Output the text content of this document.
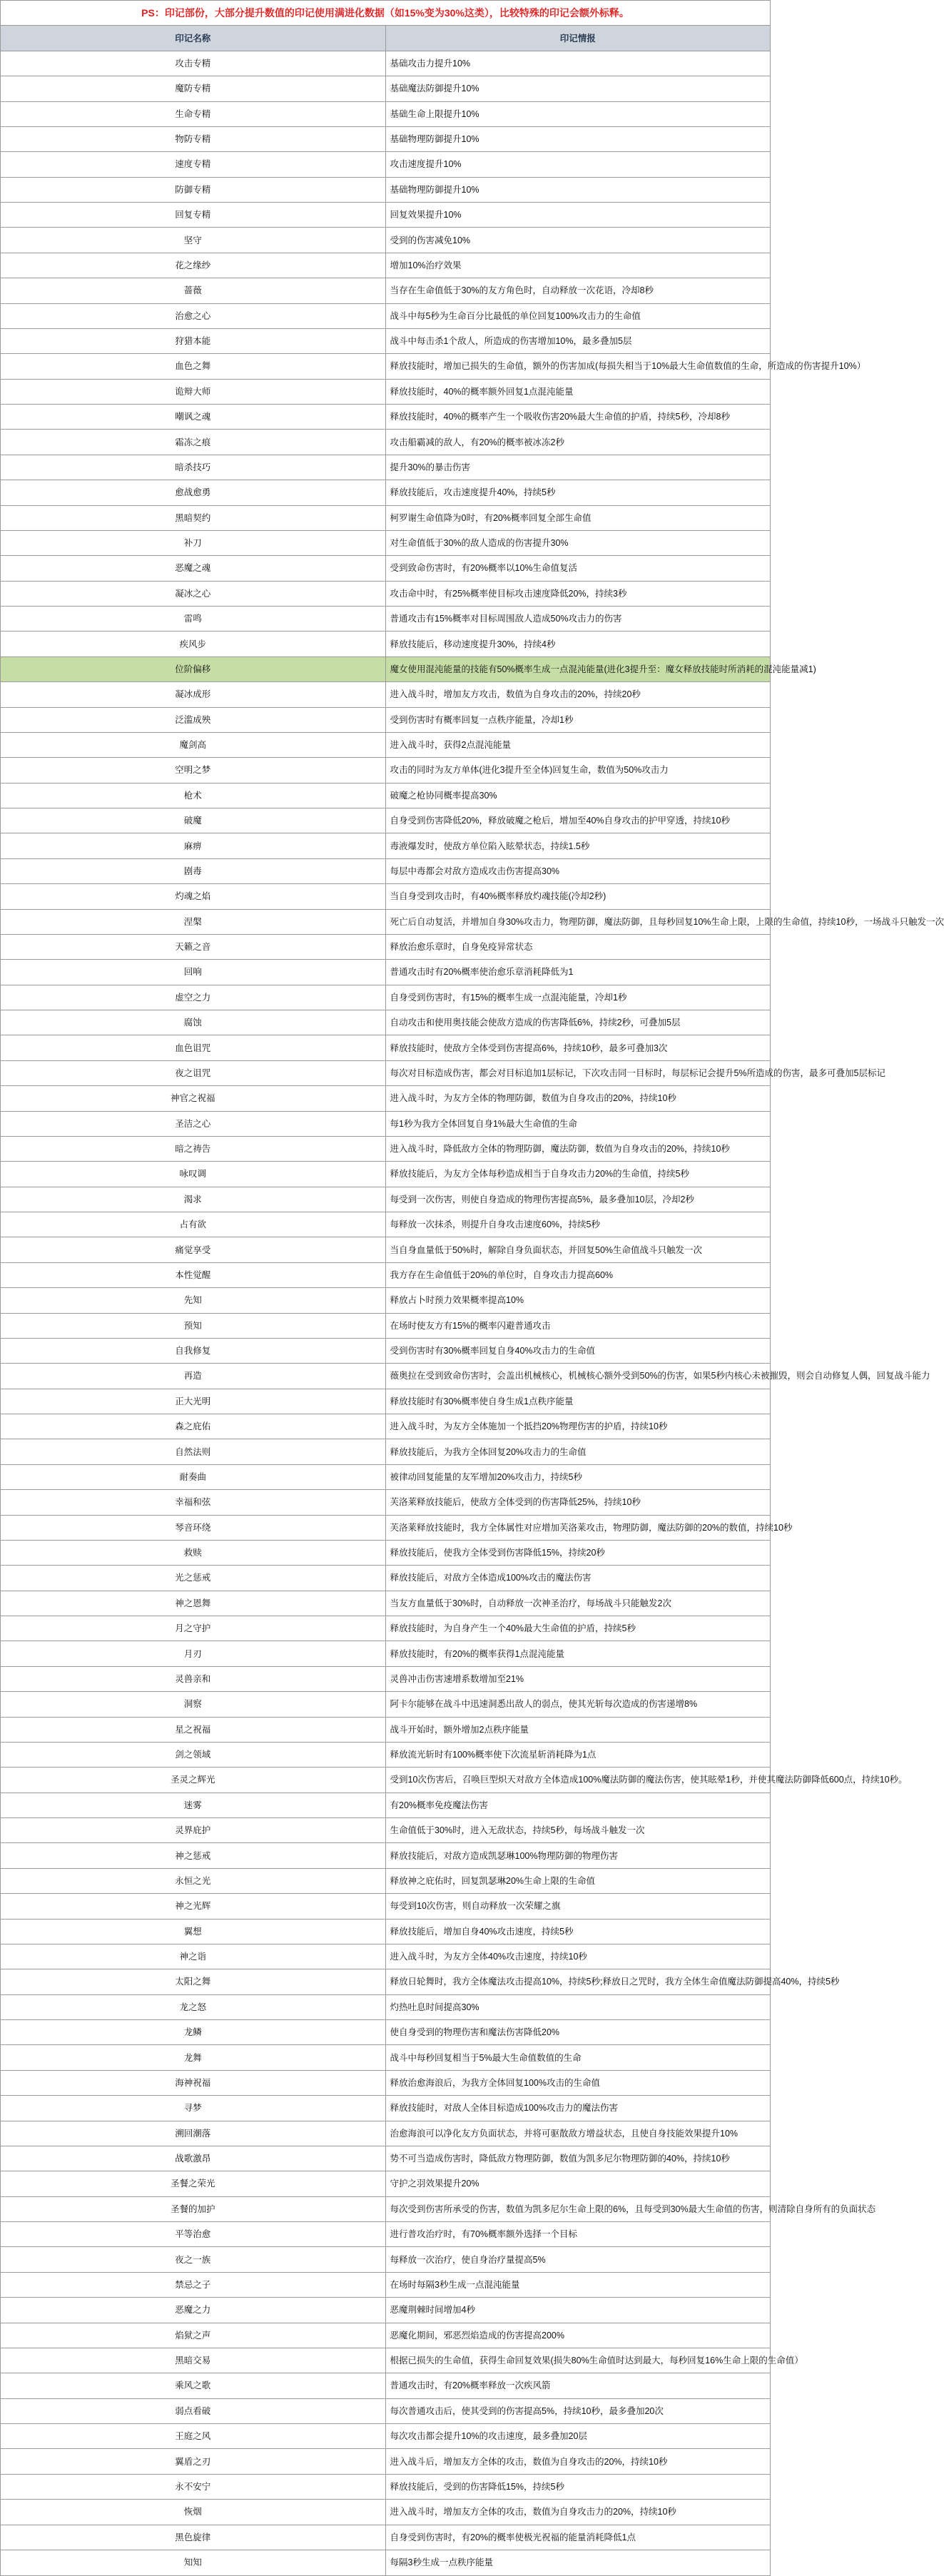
PS：印记部份，大部分提升数值的印记使用满进化数据（如15%变为30%这类），比较特殊的印记会额外标释。	
印记名称	印记情报
攻击专精	基础攻击力提升10%
魔防专精	基础魔法防御提升10%
生命专精	基础生命上限提升10%
物防专精	基础物理防御提升10%
速度专精	攻击速度提升10%
防御专精	基础物理防御提升10%
回复专精	回复效果提升10%
坚守	受到的伤害减免10%
花之缘纱	增加10%治疗效果
蔷薇	当存在生命值低于30%的友方角色时，自动释放一次花语，冷却8秒
治愈之心	战斗中每5秒为生命百分比最低的单位回复100%攻击力的生命值
狩猎本能	战斗中每击杀1个敌人，所造成的伤害增加10%，最多叠加5层
血色之舞	释放技能时，增加已损失的生命值，额外的伤害加成(每损失相当于10%最大生命值数值的生命，所造成的伤害提升10%）
诡辩大师	释放技能时，40%的概率额外回复1点混沌能量
嘲讽之魂	释放技能时，40%的概率产生一个吸收伤害20%最大生命值的护盾，持续5秒，冷却8秒
霜冻之痕	攻击船霸减的敌人，有20%的概率被冰冻2秒
暗杀技巧	提升30%的暴击伤害
愈战愈勇	释放技能后，攻击速度提升40%，持续5秒
黑暗契约	柯罗谢生命值降为0时，有20%概率回复全部生命值
补刀	对生命值低于30%的敌人造成的伤害提升30%
恶魔之魂	受到致命伤害时，有20%概率以10%生命值复活
凝冰之心	攻击命中时，有25%概率使目标攻击速度降低20%，持续3秒
雷鸣	普通攻击有15%概率对目标周围敌人造成50%攻击力的伤害
疾风步	释放技能后，移动速度提升30%，持续4秒
位阶偏移	魔女使用混沌能量的技能有50%概率生成一点混沌能量(进化3提升至：魔女释放技能时所消耗的混沌能量减1)
凝冰成形	进入战斗时，增加友方攻击，数值为自身攻击的20%，持续20秒
泛滥成殃	受到伤害时有概率回复一点秩序能量，冷却1秒
魔剑高	进入战斗时，获得2点混沌能量
空明之梦	攻击的同时为友方单体(进化3提升至全体)回复生命，数值为50%攻击力
枪术	破魔之枪协同概率提高30%
破魔	自身受到伤害降低20%，释放破魔之枪后，增加至40%自身攻击的护甲穿透，持续10秒
麻痹	毒液爆发时，使敌方单位陷入眩晕状态，持续1.5秒
剧毒	每层中毒都会对敌方造成攻击伤害提高30%
灼魂之焰	当自身受到攻击时，有40%概率释放灼魂技能(冷却2秒)
涅槃	死亡后自动复活，并增加自身30%攻击力，物理防御，魔法防御，且每秒回复10%生命上限，上限的生命值，持续10秒，一场战斗只触发一次
天籁之音	释放治愈乐章时，自身免疫异常状态
回响	普通攻击时有20%概率使治愈乐章消耗降低为1
虚空之力	自身受到伤害时，有15%的概率生成一点混沌能量，冷却1秒
腐蚀	自动攻击和使用奥技能会使敌方造成的伤害降低6%，持续2秒，可叠加5层
血色诅咒	释放技能时，使敌方全体受到伤害提高6%，持续10秒，最多可叠加3次
夜之诅咒	每次对目标造成伤害，都会对目标追加1层标记，下次攻击同一目标时，每层标记会提升5%所造成的伤害，最多可叠加5层标记
神官之祝福	进入战斗时，为友方全体的物理防御，数值为自身攻击的20%，持续10秒
圣洁之心	每1秒为我方全体回复自身1%最大生命值的生命
暗之祷告	进入战斗时，降低敌方全体的物理防御，魔法防御，数值为自身攻击的20%，持续10秒
咏叹调	释放技能后，为友方全体每秒造成相当于自身攻击力20%的生命值，持续5秒
渴求	每受到一次伤害，则使自身造成的物理伤害提高5%，最多叠加10层，冷却2秒
占有欲	每释放一次抹杀，则提升自身攻击速度60%，持续5秒
痛觉享受	当自身血量低于50%时，解除自身负面状态，并回复50%生命值战斗只触发一次
本性觉醒	我方存在生命值低于20%的单位时，自身攻击力提高60%
先知	释放占卜时预力效果概率提高10%
预知	在场时使友方有15%的概率闪避普通攻击
自我修复	受到伤害时有30%概率回复自身40%攻击力的生命值
再造	薇奥拉在受到致命伤害时，会盖出机械核心，机械核心额外受到50%的伤害，如果5秒内核心未被摧毁，则会自动修复人偶，回复战斗能力
正大光明	释放技能时有30%概率使自身生成1点秩序能量
森之庇佑	进入战斗时，为友方全体施加一个抵挡20%物理伤害的护盾，持续10秒
自然法则	释放技能后，为我方全体回复20%攻击力的生命值
耐奏曲	被律动回复能量的友军增加20%攻击力，持续5秒
幸福和弦	芙洛莱释放技能后，使敌方全体受到的伤害降低25%，持续10秒
琴音环绕	芙洛莱释放技能时，我方全体属性对应增加芙洛莱攻击，物理防御，魔法防御的20%的数值，持续10秒
救赎	释放技能后，使我方全体受到伤害降低15%，持续20秒
光之惩戒	释放技能后，对敌方全体造成100%攻击的魔法伤害
神之恩舞	当友方血量低于30%时，自动释放一次神圣治疗，每场战斗只能触发2次
月之守护	释放技能时，为自身产生一个40%最大生命值的护盾，持续5秒
月刃	释放技能时，有20%的概率获得1点混沌能量
灵兽亲和	灵兽冲击伤害速增系数增加至21%
洞察	阿卡尔能够在战斗中迅速洞悉出敌人的弱点，使其光斩每次造成的伤害递增8%
星之祝福	战斗开始时，额外增加2点秩序能量
剑之领域	释放流光斩时有100%概率使下次流星斩消耗降为1点
圣灵之辉光	受到10次伤害后，召唤巨型炽天对敌方全体造成100%魔法防御的魔法伤害，使其眩晕1秒，并使其魔法防御降低600点，持续10秒。
迷雾	有20%概率免疫魔法伤害
灵界庇护	生命值低于30%时，进入无敌状态，持续5秒，每场战斗触发一次
神之惩戒	释放技能后，对敌方造成凯瑟琳100%物理防御的物理伤害
永恒之光	释放神之庇佑时，回复凯瑟琳20%生命上限的生命值
神之光辉	每受到10次伤害，则自动释放一次荣耀之旗
翼想	释放技能后，增加自身40%攻击速度，持续5秒
神之诣	进入战斗时，为友方全体40%攻击速度，持续10秒
太阳之舞	释放日轮舞时，我方全体魔法攻击提高10%，持续5秒;释放日之咒时，我方全体生命值魔法防御提高40%，持续5秒
龙之怒	灼热吐息时间提高30%
龙鳞	使自身受到的物理伤害和魔法伤害降低20%
龙舞	战斗中每秒回复相当于5%最大生命值数值的生命
海神祝福	释放治愈海浪后，为我方全体回复100%攻击的生命值
寻梦	释放技能时，对敌人全体目标造成100%攻击力的魔法伤害
溯回潮落	治愈海浪可以净化友方负面状态，并将可驱散敌方增益状态，且使自身技能效果提升10%
战歌激昂	势不可当造成伤害时，降低敌方物理防御，数值为凯多尼尔物理防御的40%，持续10秒
圣餐之荣光	守护之羽效果提升20%
圣餐的加护	每次受到伤害所承受的伤害，数值为凯多尼尔生命上限的6%，且每受到30%最大生命值的伤害，则清除自身所有的负面状态
平等治愈	进行普攻治疗时，有70%概率额外选择一个目标
夜之一族	每释放一次治疗，使自身治疗量提高5%
禁忌之子	在场时每隔3秒生成一点混沌能量
恶魔之力	恶魔荆棘时间增加4秒
焰狱之声	恶魔化期间，邪恶烈焰造成的伤害提高200%
黑暗交易	根据已损失的生命值，获得生命回复效果(损失80%生命值时达到最大，每秒回复16%生命上限的生命值）
乘风之歌	普通攻击时，有20%概率释放一次疾风箭
弱点看破	每次普通攻击后，使其受到的伤害提高5%，持续10秒，最多叠加20次
王庭之风	每次攻击都会提升10%的攻击速度，最多叠加20层
翼盾之刃	进入战斗后，增加友方全体的攻击，数值为自身攻击的20%，持续10秒
永不安宁	释放技能后，受到的伤害降低15%，持续5秒
恢烟	进入战斗时，增加友方全体的攻击，数值为自身攻击力的20%，持续10秒
黑色旋律	自身受到伤害时，有20%的概率使极光祝福的能量消耗降低1点
知知	每隔3秒生成一点秩序能量
